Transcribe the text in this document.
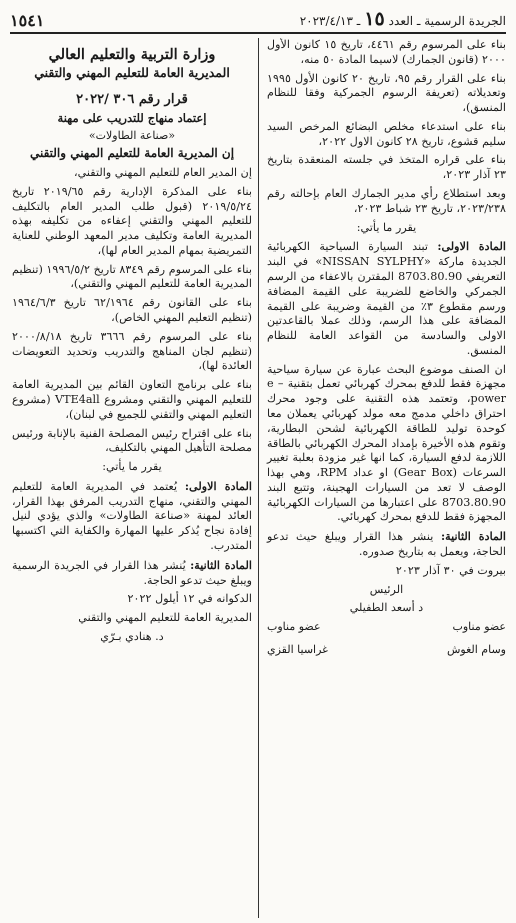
الجريدة الرسمية ـ العدد
١٥
ـ ٢٠٢٣/٤/١٣
١٥٤١

بناء على المرسوم رقم ٤٤٦١، تاريخ ١٥ كانون الأول ٢٠٠٠ (قانون الجمارك) لاسيما المادة ٥٠ منه،

بناء على القرار رقم ٩٥، تاريخ ٢٠ كانون الأول ١٩٩٥ وتعديلاته (تعريفة الرسوم الجمركية وفقا للنظام المنسق)،

بناء على استدعاء مخلص البضائع المرخص السيد سليم قشوع، تاريخ ٢٨ كانون الاول ٢٠٢٢،

بناء على قراره المتخذ في جلسته المنعقدة بتاريخ ٢٣ آذار ٢٠٢٣،

وبعد استطلاع رأي مدير الجمارك العام بإحالته رقم ٢٠٢٣/٢٣٨، تاريخ ٢٣ شباط ٢٠٢٣،

يقرر ما يأتي:

المادة الاولى: تبند السيارة السياحية الكهربائية الجديدة ماركة «NISSAN SYLPHY» في البند التعريفي 8703.80.90 المقترن بالاعفاء من الرسم الجمركي والخاضع للضريبة على القيمة المضافة ورسم مقطوع ٣٪ من القيمة وضريبة على القيمة المضافة على هذا الرسم، وذلك عملا بالقاعدتين الاولى والسادسة من القواعد العامة للنظام المنسق.

ان الصنف موضوع البحث عبارة عن سيارة سياحية مجهزة فقط للدفع بمحرك كهربائي تعمل بتقنية e – power، وتعتمد هذه التقنية على وجود محرك احتراق داخلي مدمج معه مولد كهربائي يعملان معا كوحدة توليد للطاقة الكهربائية لشحن البطارية، وتقوم هذه الأخيرة بإمداد المحرك الكهربائي بالطاقة اللازمة لدفع السيارة، كما انها غير مزودة بعلبة تغيير السرعات (Gear Box) او عداد RPM، وهي بهذا الوصف لا تعد من السيارات الهجينة، وتتبع البند 8703.80.90 على اعتبارها من السيارات الكهربائية المجهزة فقط للدفع بمحرك كهربائي.

المادة الثانية: ينشر هذا القرار ويبلغ حيث تدعو الحاجة، ويعمل به بتاريخ صدوره.

بيروت في ٣٠ آذار ٢٠٢٣

الرئيس

د أسعد الطفيلي

عضو مناوب
عضو مناوب
وسام الغوش
غراسيا القزي
وزارة التربية والتعليم العالي
المديرية العامة للتعليم المهني والتقني
قرار رقم ٣٠٦ /٢٠٢٢
إعتماد منهاج للتدريب على مهنة
«صناعة الطاولات»
إن المديرية العامة للتعليم المهني والتقني

إن المدير العام للتعليم المهني والتقني،

بناء على المذكرة الإدارية رقم ٢٠١٩/٦٥ تاريخ ٢٠١٩/٥/٢٤ (قبول طلب المدير العام بالتكليف للتعليم المهني والتقني إعفاءه من تكليفه بهذه المديرية العامة وتكليف مدير المعهد الوطني للعناية التمريضية بمهام المدير العام لها)،

بناء على المرسوم رقم ٨٣٤٩ تاريخ ١٩٩٦/٥/٢ (تنظيم المديرية العامة للتعليم المهني والتقني)،

بناء على القانون رقم ٦٢/١٩٦٤ تاريخ ١٩٦٤/٦/٣ (تنظيم التعليم المهني الخاص)،

بناء على المرسوم رقم ٣٦٦٦ تاريخ ٢٠٠٠/٨/١٨ (تنظيم لجان المناهج والتدريب وتحديد التعويضات العائدة لها)،

بناء على برنامج التعاون القائم بين المديرية العامة للتعليم المهني والتقني ومشروع VTE4all (مشروع التعليم المهني والتقني للجميع في لبنان)،

بناء على اقتراح رئيس المصلحة الفنية بالإنابة ورئيس مصلحة التأهيل المهني بالتكليف،

يقرر ما يأتي:

المادة الاولى: يُعتمد في المديرية العامة للتعليم المهني والتقني، منهاج التدريب المرفق بهذا القرار، العائد لمهنة «صناعة الطاولات» والذي يؤدي لنيل إفادة نجاح يُذكر عليها المهارة والكفاية التي اكتسبها المتدرب.

المادة الثانية: يُنشر هذا القرار في الجريدة الرسمية ويبلغ حيث تدعو الحاجة.

الدكوانه في ١٢ أيلول ٢٠٢٢

المديرية العامة للتعليم المهني والتقني

د. هنادي بـرّي
